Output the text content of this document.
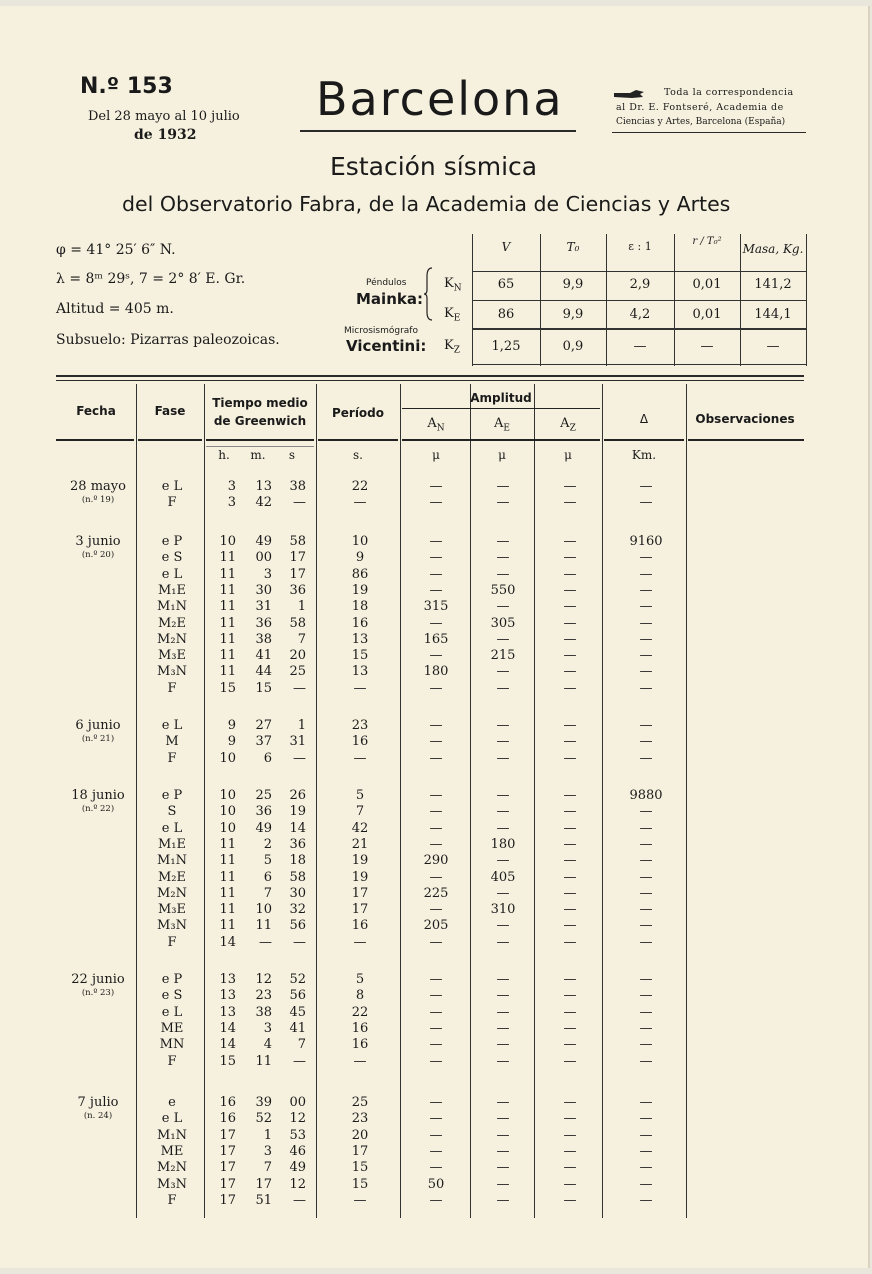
N.º 153
Del 28 mayo al 10 julio
de 1932
Barcelona	Toda la correspondencia
al Dr. E. Fontseré, Academia de
Ciencias y Artes, Barcelona (España)
Estación sísmica
del Observatorio Fabra, de la Academia de Ciencias y Artes
φ = 41° 25′ 6″ N.
λ = 8ᵐ 29ˢ, 7 = 2° 8′ E. Gr.
Altitud = 405 m.
Subsuelo: Pizarras paleozoicas.
Péndulos
Mainka:
Microsismógrafo
Vicentini:
V	T₀	ε : 1	r / T₀²
Masa, Kg.
$K_N$	65	9,9	2,9	0,01	141,2
$K_E$	86	9,9	4,2	0,01	144,1
$K_Z$	1,25	0,9	—	—	—
Fecha	Fase
Tiempo medio
de Greenwich
Período
Amplitud
$A_N$	$A_E$	$A_Z$
Δ	Observaciones
h.	m.	s	s.	μ	μ	μ	Km.
28 mayo
(n.º 19)
e L	3	13	38	22	—	—	—	—
F	3	42	—	—	—	—	—	—
3 junio
(n.º 20)
e P	10	49	58	10	—	—	—	9160
e S	11	00	17	9	—	—	—	—
e L	11	3	17	86	—	—	—	—
M₁E	11	30	36	19	—	550	—	—
M₁N	11	31	1	18	315	—	—	—
M₂E	11	36	58	16	—	305	—	—
M₂N	11	38	7	13	165	—	—	—
M₃E	11	41	20	15	—	215	—	—
M₃N	11	44	25	13	180	—	—	—
F	15	15	—	—	—	—	—	—
6 junio
(n.º 21)
e L	9	27	1	23	—	—	—	—
M	9	37	31	16	—	—	—	—
F	10	6	—	—	—	—	—	—
18 junio
(n.º 22)
e P	10	25	26	5	—	—	—	9880
S	10	36	19	7	—	—	—	—
e L	10	49	14	42	—	—	—	—
M₁E	11	2	36	21	—	180	—	—
M₁N	11	5	18	19	290	—	—	—
M₂E	11	6	58	19	—	405	—	—
M₂N	11	7	30	17	225	—	—	—
M₃E	11	10	32	17	—	310	—	—
M₃N	11	11	56	16	205	—	—	—
F	14	—	—	—	—	—	—	—
22 junio
(n.º 23)
e P	13	12	52	5	—	—	—	—
e S	13	23	56	8	—	—	—	—
e L	13	38	45	22	—	—	—	—
ME	14	3	41	16	—	—	—	—
MN	14	4	7	16	—	—	—	—
F	15	11	—	—	—	—	—	—
7 julio
(n. 24)
e	16	39	00	25	—	—	—	—
e L	16	52	12	23	—	—	—	—
M₁N	17	1	53	20	—	—	—	—
ME	17	3	46	17	—	—	—	—
M₂N	17	7	49	15	—	—	—	—
M₃N	17	17	12	15	50	—	—	—
F	17	51	—	—	—	—	—	—
